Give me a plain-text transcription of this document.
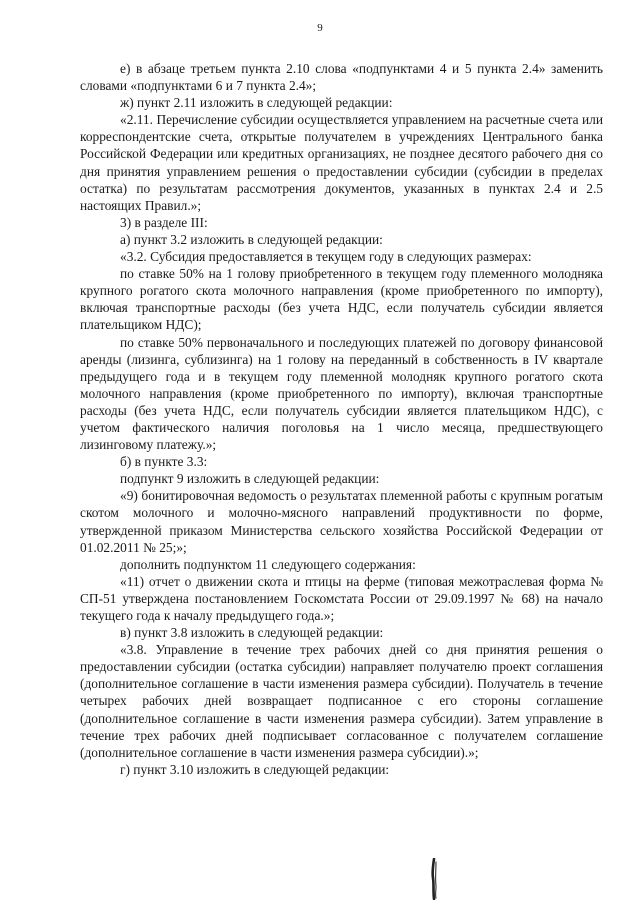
9

е) в абзаце третьем пункта 2.10 слова «подпунктами 4 и 5 пункта 2.4» заменить словами «подпунктами 6 и 7 пункта 2.4»;

ж) пункт 2.11 изложить в следующей редакции:

«2.11. Перечисление субсидии осуществляется управлением на расчетные счета или корреспондентские счета, открытые получателем в учреждениях Центрального банка Российской Федерации или кредитных организациях, не позднее десятого рабочего дня со дня принятия управлением решения о предоставлении субсидии (субсидии в пределах остатка) по результатам рассмотрения документов, указанных в пунктах 2.4 и 2.5 настоящих Правил.»;

3) в разделе III:

а) пункт 3.2 изложить в следующей редакции:

«3.2. Субсидия предоставляется в текущем году в следующих размерах:

по ставке 50% на 1 голову приобретенного в текущем году племенного молодняка крупного рогатого скота молочного направления (кроме приобретенного по импорту), включая транспортные расходы (без учета НДС, если получатель субсидии является плательщиком НДС);

по ставке 50% первоначального и последующих платежей по договору финансовой аренды (лизинга, сублизинга) на 1 голову на переданный в собственность в IV квартале предыдущего года и в текущем году племенной молодняк крупного рогатого скота молочного направления (кроме приобретенного по импорту), включая транспортные расходы (без учета НДС, если получатель субсидии является плательщиком НДС), с учетом фактического наличия поголовья на 1 число месяца, предшествующего лизинговому платежу.»;

б) в пункте 3.3:

подпункт 9 изложить в следующей редакции:

«9) бонитировочная ведомость о результатах племенной работы с крупным рогатым скотом молочного и молочно-мясного направлений продуктивности по форме, утвержденной приказом Министерства сельского хозяйства Российской Федерации от 01.02.2011 № 25;»;

дополнить подпунктом 11 следующего содержания:

«11) отчет о движении скота и птицы на ферме (типовая межотраслевая форма № СП-51 утверждена постановлением Госкомстата России от 29.09.1997 № 68) на начало текущего года к началу предыдущего года.»;

в) пункт 3.8 изложить в следующей редакции:

«3.8. Управление в течение трех рабочих дней со дня принятия решения о предоставлении субсидии (остатка субсидии) направляет получателю проект соглашения (дополнительное соглашение в части изменения размера субсидии). Получатель в течение четырех рабочих дней возвращает подписанное с его стороны соглашение (дополнительное соглашение в части изменения размера субсидии). Затем управление в течение трех рабочих дней подписывает согласованное с получателем соглашение (дополнительное соглашение в части изменения размера субсидии).»;

г) пункт 3.10 изложить в следующей редакции:
